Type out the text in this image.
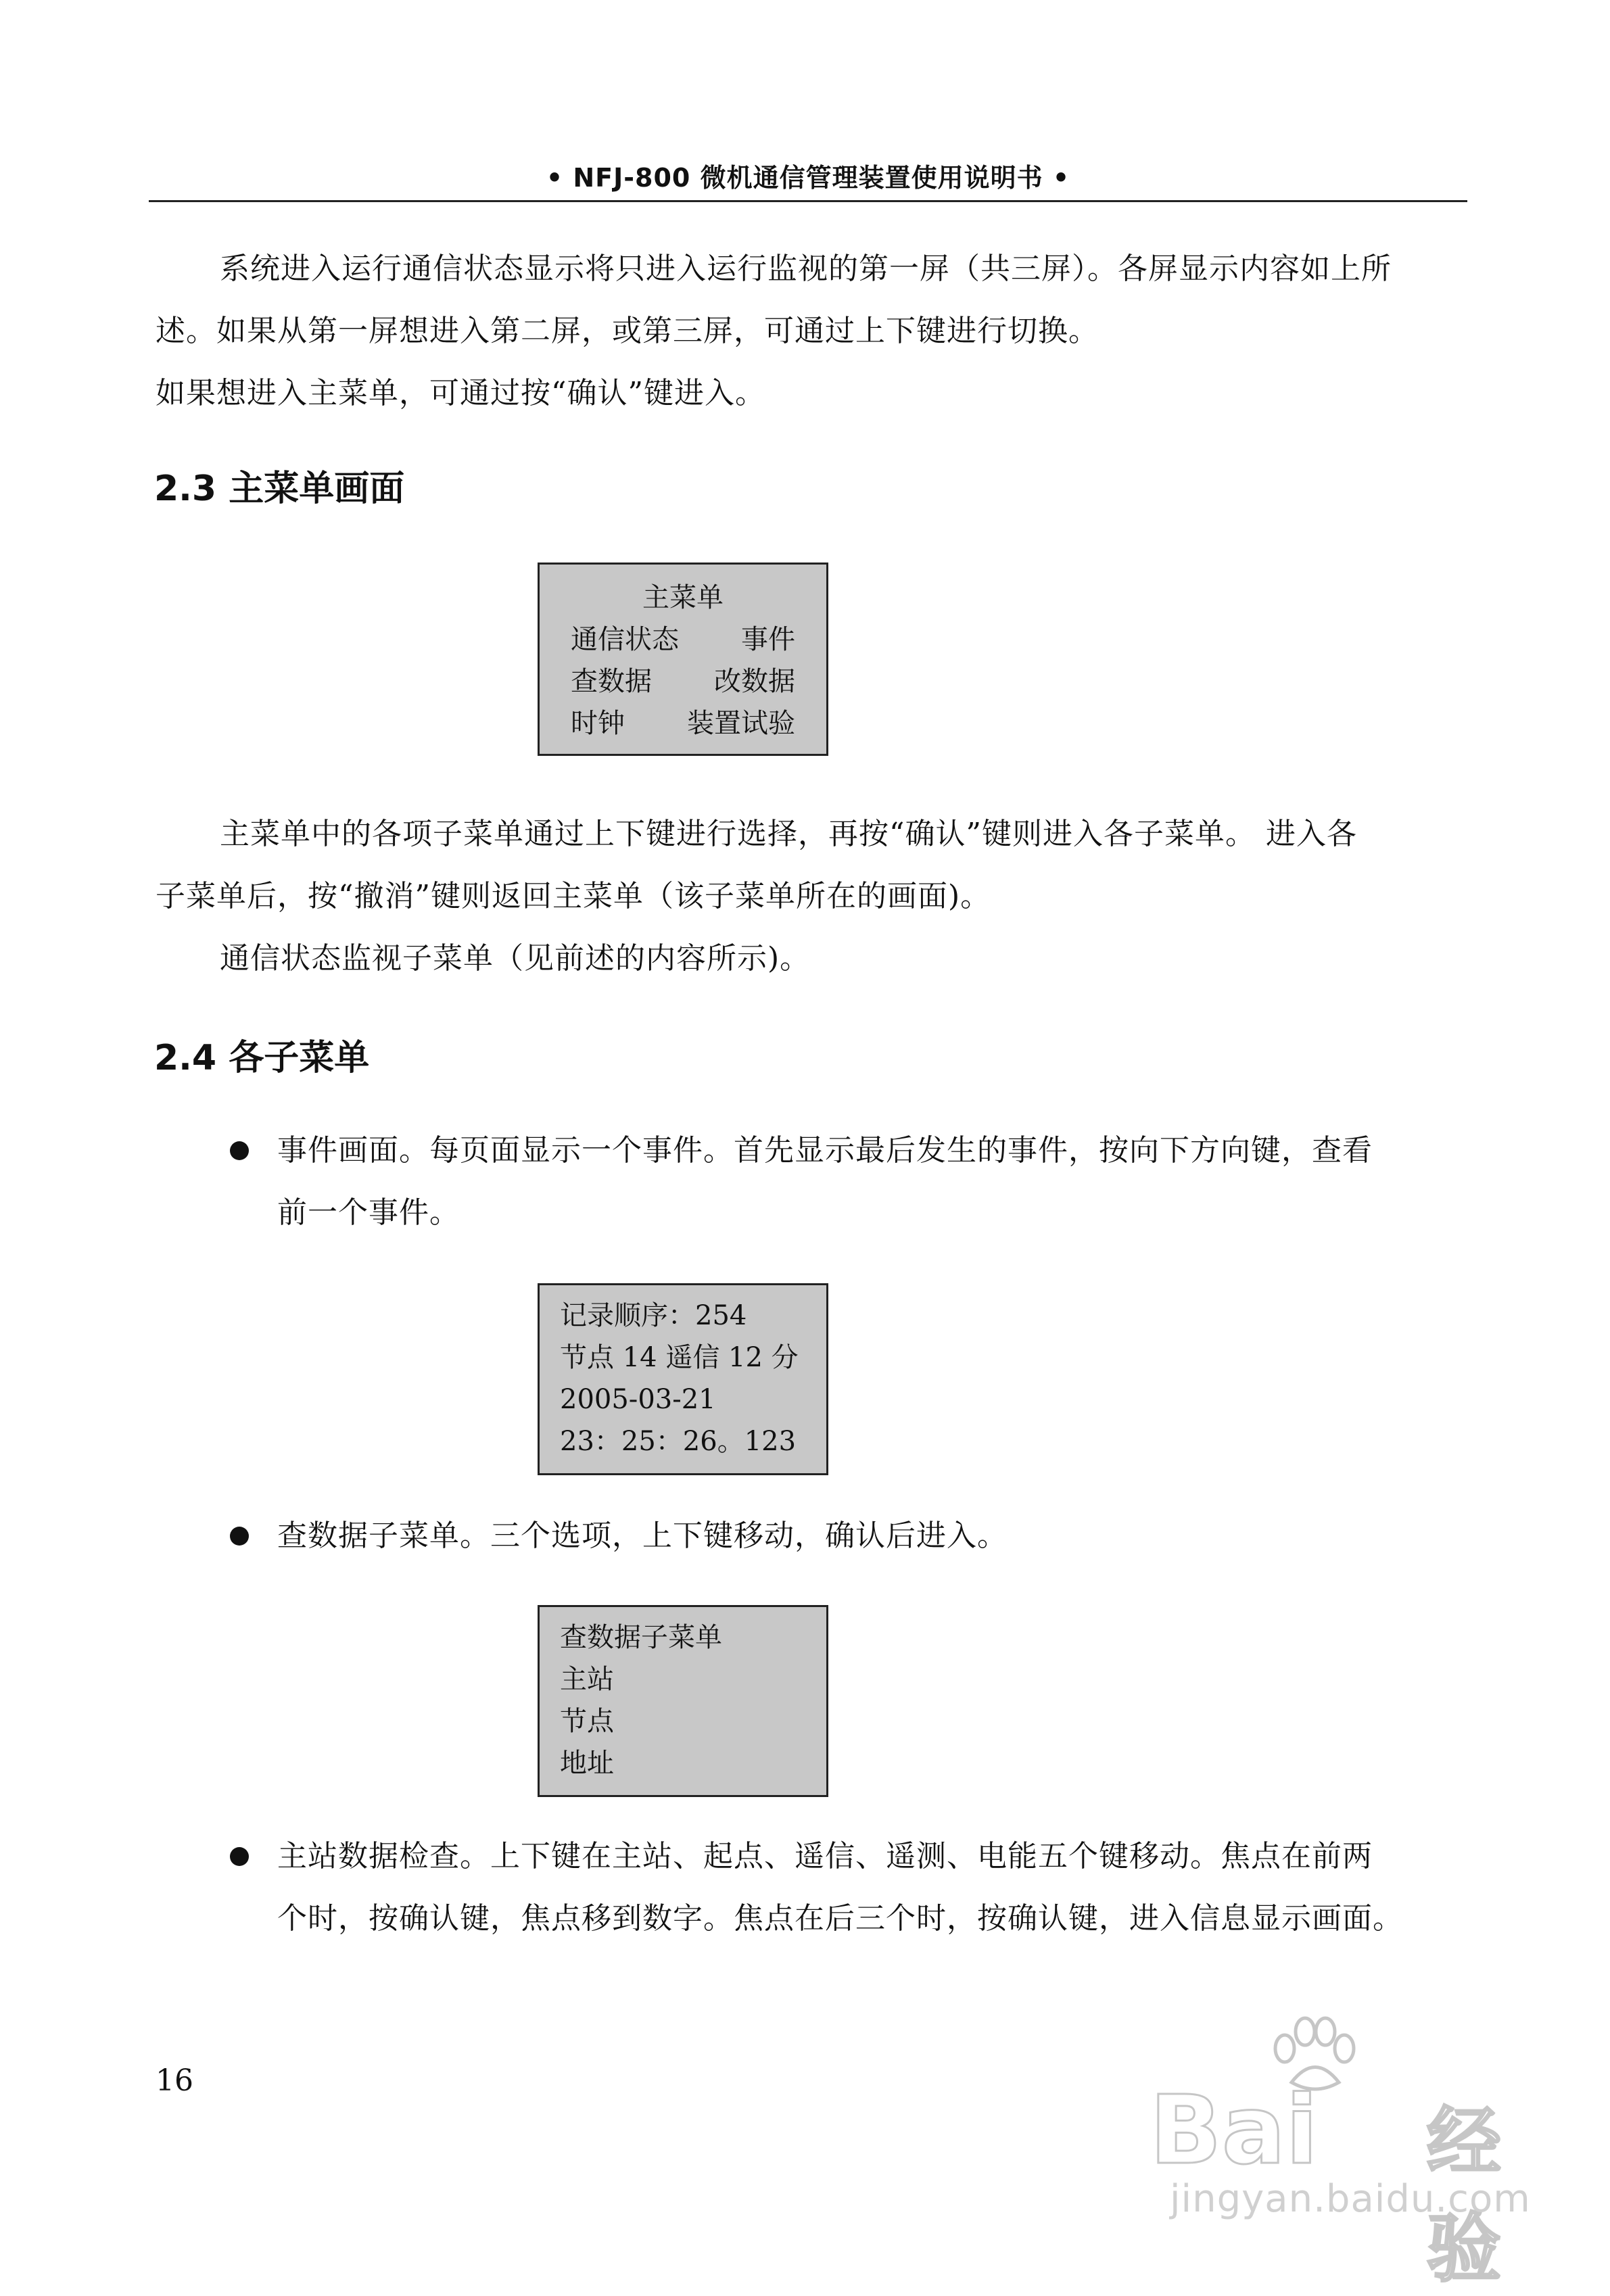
• NFJ-800 微机通信管理装置使用说明书 •
系统进入运行通信状态显示将只进入运行监视的第一屏（共三屏）。各屏显示内容如上所
述。如果从第一屏想进入第二屏，或第三屏，可通过上下键进行切换。
如果想进入主菜单，可通过按“确认”键进入。
2.3 主菜单画面
主菜单
通信状态 事件
查数据 改数据
时钟 装置试验
主菜单中的各项子菜单通过上下键进行选择，再按“确认”键则进入各子菜单。 进入各
子菜单后，按“撤消”键则返回主菜单（该子菜单所在的画面)。
通信状态监视子菜单（见前述的内容所示)。
2.4 各子菜单
事件画面。每页面显示一个事件。首先显示最后发生的事件，按向下方向键，查看
前一个事件。
记录顺序：254
节点 14 遥信 12 分
2005-03-21
23：25：26。123
查数据子菜单。三个选项，上下键移动，确认后进入。
查数据子菜单
主站
节点
地址
主站数据检查。上下键在主站、起点、遥信、遥测、电能五个键移动。焦点在前两
个时，按确认键，焦点移到数字。焦点在后三个时，按确认键，进入信息显示画面。
16	Bai 经验
jingyan.baidu.com
